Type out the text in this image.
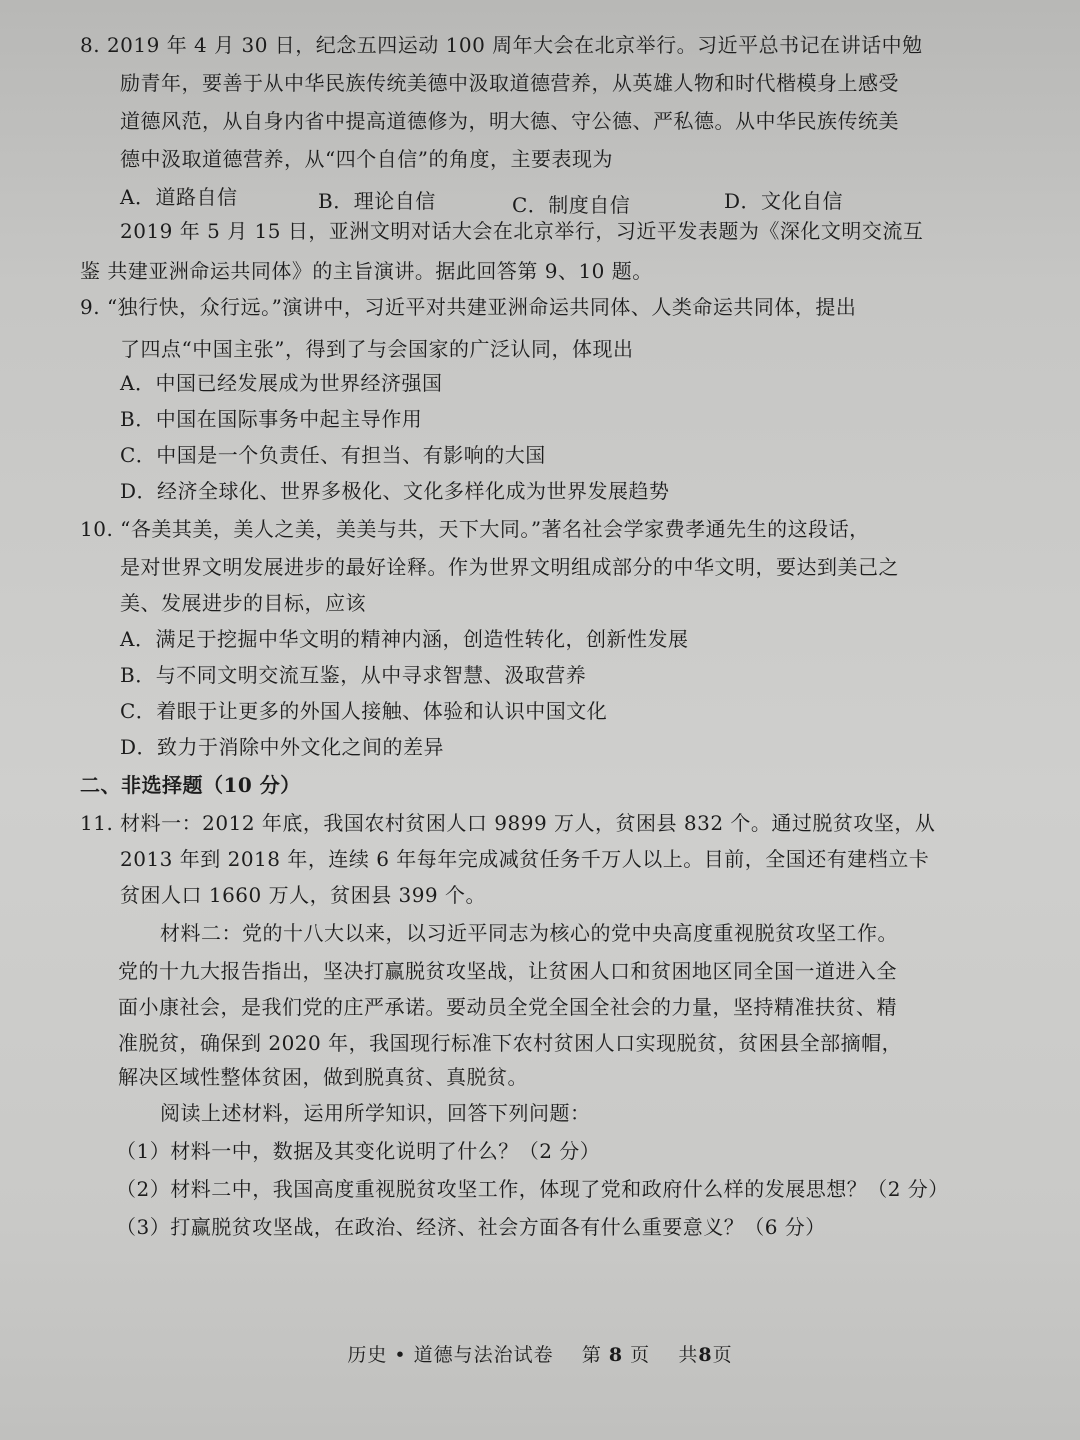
8. 2019 年 4 月 30 日，纪念五四运动 100 周年大会在北京举行。习近平总书记在讲话中勉
励青年，要善于从中华民族传统美德中汲取道德营养，从英雄人物和时代楷模身上感受
道德风范，从自身内省中提高道德修为，明大德、守公德、严私德。从中华民族传统美
德中汲取道德营养，从“四个自信”的角度，主要表现为
A．道路自信	B．理论自信	C．制度自信	D．文化自信
2019 年 5 月 15 日，亚洲文明对话大会在北京举行，习近平发表题为《深化文明交流互
鉴 共建亚洲命运共同体》的主旨演讲。据此回答第 9、10 题。
9. “独行快，众行远。”演讲中，习近平对共建亚洲命运共同体、人类命运共同体，提出
了四点“中国主张”，得到了与会国家的广泛认同，体现出
A．中国已经发展成为世界经济强国
B．中国在国际事务中起主导作用
C．中国是一个负责任、有担当、有影响的大国
D．经济全球化、世界多极化、文化多样化成为世界发展趋势
10. “各美其美，美人之美，美美与共，天下大同。”著名社会学家费孝通先生的这段话，
是对世界文明发展进步的最好诠释。作为世界文明组成部分的中华文明，要达到美己之
美、发展进步的目标，应该
A．满足于挖掘中华文明的精神内涵，创造性转化，创新性发展
B．与不同文明交流互鉴，从中寻求智慧、汲取营养
C．着眼于让更多的外国人接触、体验和认识中国文化
D．致力于消除中外文化之间的差异
二、非选择题（10 分）
11. 材料一：2012 年底，我国农村贫困人口 9899 万人，贫困县 832 个。通过脱贫攻坚，从
2013 年到 2018 年，连续 6 年每年完成减贫任务千万人以上。目前，全国还有建档立卡
贫困人口 1660 万人，贫困县 399 个。
材料二：党的十八大以来，以习近平同志为核心的党中央高度重视脱贫攻坚工作。
党的十九大报告指出，坚决打赢脱贫攻坚战，让贫困人口和贫困地区同全国一道进入全
面小康社会，是我们党的庄严承诺。要动员全党全国全社会的力量，坚持精准扶贫、精
准脱贫，确保到 2020 年，我国现行标准下农村贫困人口实现脱贫，贫困县全部摘帽，
解决区域性整体贫困，做到脱真贫、真脱贫。
阅读上述材料，运用所学知识，回答下列问题：
（1）材料一中，数据及其变化说明了什么？（2 分）
（2）材料二中，我国高度重视脱贫攻坚工作，体现了党和政府什么样的发展思想？（2 分）
（3）打赢脱贫攻坚战，在政治、经济、社会方面各有什么重要意义？（6 分）
历史 • 道德与法治试卷 第 8 页 共8页
